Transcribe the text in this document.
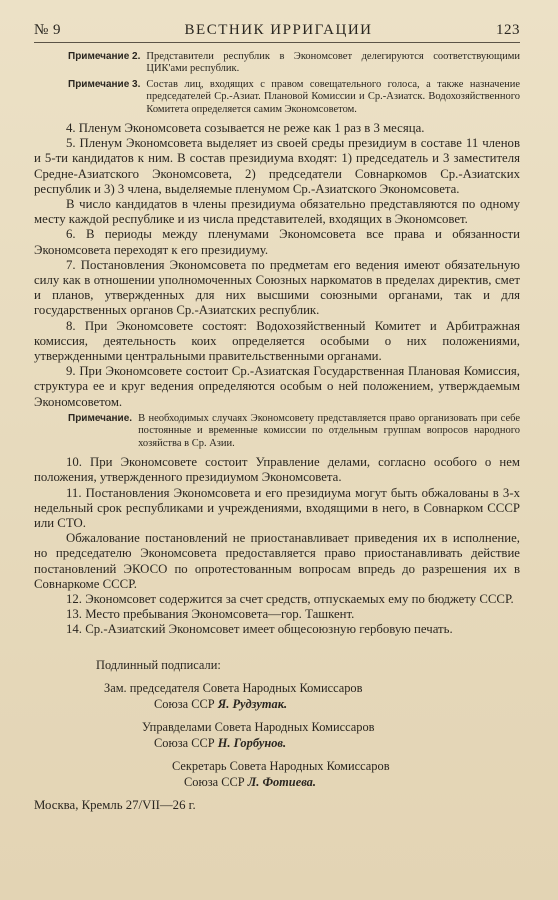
№ 9	ВЕСТНИК ИРРИГАЦИИ	123
Примечание 2. Представители республик в Экономсовет делегируются соответствующими ЦИК'ами республик.
Примечание 3. Состав лиц, входящих с правом совещательного голоса, а также назначение председателей Ср.-Азиат. Плановой Комиссии и Ср.-Азиатск. Водохозяйственного Комитета определяется самим Экономсоветом.

4. Пленум Экономсовета созывается не реже как 1 раз в 3 месяца.

5. Пленум Экономсовета выделяет из своей среды президиум в составе 11 членов и 5-ти кандидатов к ним. В состав президиума входят: 1) председатель и 3 заместителя Средне-Азиатского Экономсовета, 2) председатели Совнаркомов Ср.-Азиатских республик и 3) 3 члена, выделяемые пленумом Ср.-Азиатского Экономсовета.

В число кандидатов в члены президиума обязательно представляются по одному месту каждой республике и из числа представителей, входящих в Экономсовет.

6. В периоды между пленумами Экономсовета все права и обязанности Экономсовета переходят к его президиуму.

7. Постановления Экономсовета по предметам его ведения имеют обязательную силу как в отношении уполномоченных Союзных наркоматов в пределах директив, смет и планов, утвержденных для них высшими союзными органами, так и для государственных органов Ср.-Азиатских республик.

8. При Экономсовете состоят: Водохозяйственный Комитет и Арбитражная комиссия, деятельность коих определяется особыми о них положениями, утвержденными центральными правительственными органами.

9. При Экономсовете состоит Ср.-Азиатская Государственная Плановая Комиссия, структура ее и круг ведения определяются особым о ней положением, утверждаемым Экономсоветом.

Примечание. В необходимых случаях Экономсовету представляется право организовать при себе постоянные и временные комиссии по отдельным группам вопросов народного хозяйства в Ср. Азии.

10. При Экономсовете состоит Управление делами, согласно особого о нем положения, утвержденного президиумом Экономсовета.

11. Постановления Экономсовета и его президиума могут быть обжалованы в 3-х недельный срок республиками и учреждениями, входящими в него, в Совнарком СССР или СТО.

Обжалование постановлений не приостанавливает приведения их в исполнение, но председателю Экономсовета предоставляется право приостанавливать действие постановлений ЭКОСО по опротестованным вопросам впредь до разрешения их в Совнаркоме СССР.

12. Экономсовет содержится за счет средств, отпускаемых ему по бюджету СССР.

13. Место пребывания Экономсовета—гор. Ташкент.

14. Ср.-Азиатский Экономсовет имеет общесоюзную гербовую печать.

Подлинный подписали:
Зам. председателя Совета Народных Комиссаров
Союза ССР Я. Рудзутак.
Управделами Совета Народных Комиссаров
Союза ССР Н. Горбунов.
Секретарь Совета Народных Комиссаров
Союза ССР Л. Фотиева.
Москва, Кремль 27/VII—26 г.
